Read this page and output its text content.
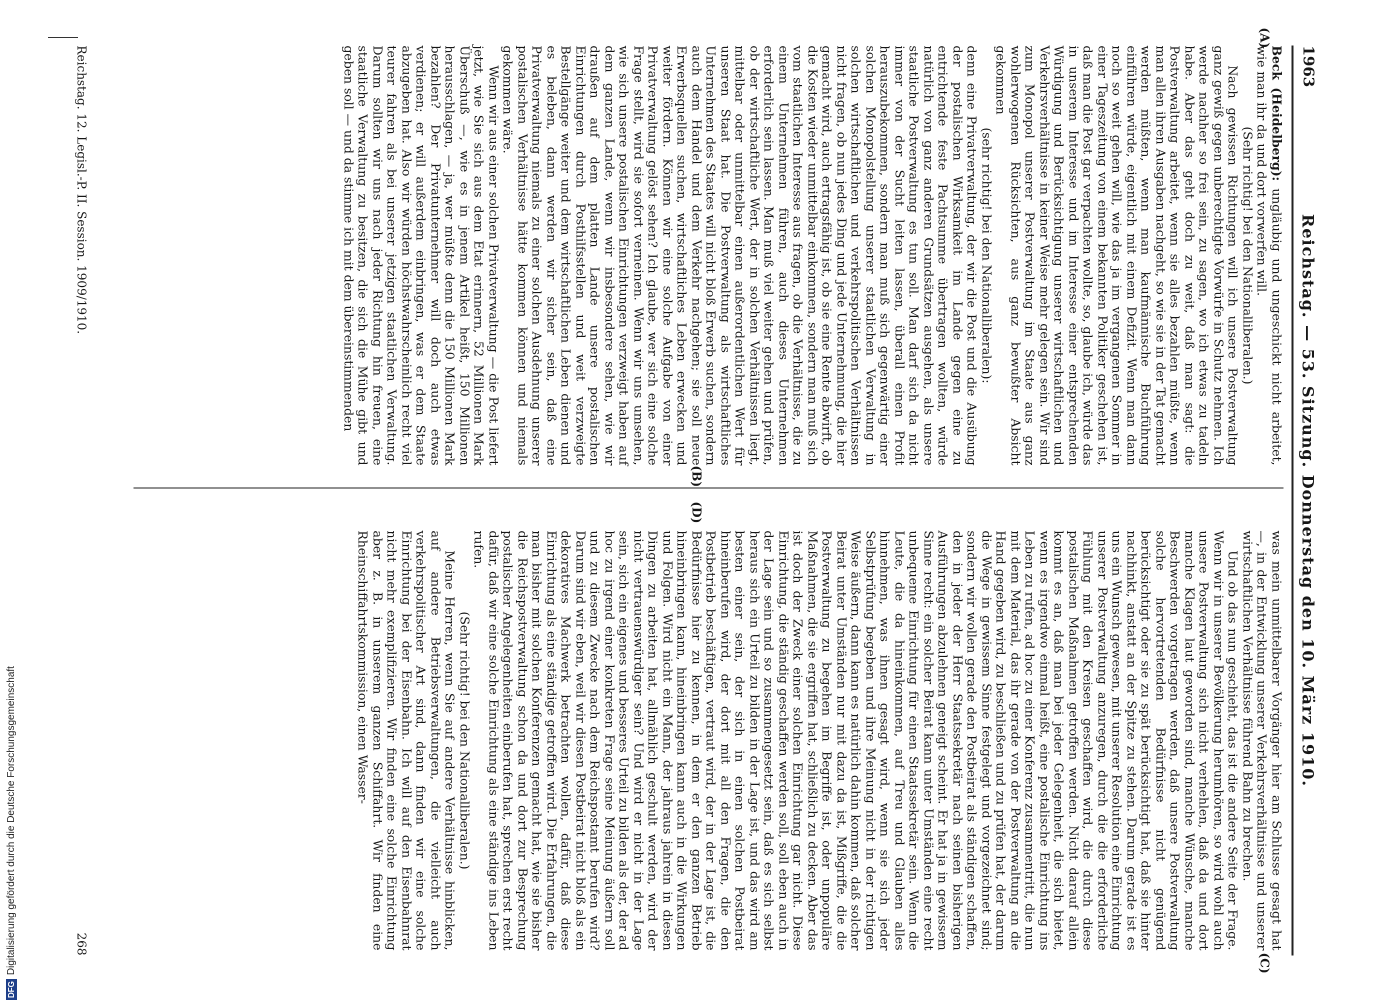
1963
Reichstag. — 53. Sitzung. Donnerstag den 10. März 1910.

Beck (Heidelberg): ungläubig und ungeschickt nicht arbeitet, wie man ihr da und dort vorwerfen will.

(Sehr richtig! bei den Nationalliberalen.)

Nach gewissen Richtungen will ich unsere Postverwaltung ganz gewiß gegen unberechtigte Vorwürfe in Schutz nehmen. Ich werde nachher so frei sein, zu sagen, wo ich etwas zu tadeln habe. Aber das geht doch zu weit, daß man sagt: die Postverwaltung arbeitet, wenn sie alles bezahlen müßte, wenn man allen ihren Ausgaben nachgeht, so wie sie in der Tat gemacht werden müßten, wenn man kaufmännische Buchführung einführen würde, eigentlich mit einem Defizit. Wenn man dann noch so weit gehen will, wie das ja im vergangenen Sommer in einer Tageszeitung von einem bekannten Politiker geschehen ist, daß man die Post gar verpachten wollte, so, glaube ich, würde das in unserem Interesse und im Interesse einer entsprechenden Würdigung und Berücksichtigung unserer wirtschaftlichen und Verkehrsverhältnisse in keiner Weise mehr gelegen sein. Wir sind zum Monopol unserer Postverwaltung im Staate aus ganz wohlerwogenen Rücksichten, aus ganz bewußter Absicht gekommen

(sehr richtig! bei den Nationalliberalen):

denn eine Privatverwaltung, der wir die Post und die Ausübung der postalischen Wirksamkeit im Lande gegen eine zu entrichtende feste Pachtsumme übertragen wollten, würde natürlich von ganz anderen Grundsätzen ausgehen, als unsere staatliche Postverwaltung es tun soll. Man darf sich da nicht immer von der Sucht leiten lassen, überall einen Profit herauszubekommen, sondern man muß sich gegenwärtig einer solchen Monopolstellung unserer staatlichen Verwaltung in solchen wirtschaftlichen und verkehrspolitischen Verhältnissen nicht fragen, ob nun jedes Ding und jede Unternehmung, die hier gemacht wird, auch ertragsfähig ist, ob sie eine Rente abwirft, ob die Kosten wieder unmittelbar einkommen, sondern man muß sich vom staatlichen Interesse aus fragen, ob die Verhältnisse, die zu einem Unternehmen führen, auch dieses Unternehmen erforderlich sein lassen. Man muß viel weiter gehen und prüfen, ob der wirtschaftliche Wert, der in solchen Verhältnissen liegt, mittelbar oder unmittelbar einen außerordentlichen Wert für unseren Staat hat. Die Postverwaltung als wirtschaftliches Unternehmen des Staates will nicht bloß Erwerb suchen, sondern auch dem Handel und dem Verkehr nachgehen; sie soll neue Erwerbsquellen suchen, wirtschaftliches Leben erwecken und weiter fördern. Können wir eine solche Aufgabe von einer Privatverwaltung gelöst sehen? Ich glaube, wer sich eine solche Frage stellt, wird sie sofort verneinen. Wenn wir uns umsehen, wie sich unsere postalischen Einrichtungen verzweigt haben auf dem ganzen Lande, wenn wir insbesondere sehen, wie wir draußen auf dem platten Lande unsere postalischen Einrichtungen durch Posthilfsstellen und weit verzweigte Bestellgänge weiter und dem wirtschaftlichen Leben dienen und es beleben, dann werden wir sicher sein, daß eine Privatverwaltung niemals zu einer solchen Ausdehnung unserer postalischen Verhältnisse hätte kommen können und niemals gekommen wäre.

Wenn wir aus einer solchen Privatverwaltung — die Post liefert jetzt, wie Sie sich aus dem Etat erinnern, 52 Millionen Mark Überschuß —, wie es in jenem Artikel heißt, 150 Millionen herausschlagen, — ja, wer müßte denn die 150 Millionen Mark bezahlen? Der Privatunternehmer will doch auch etwas verdienen; er will außerdem einbringen, was er dem Staate abzugeben hat. Also wir würden höchstwahrscheinlich recht viel teurer fahren als bei unserer jetzigen staatlichen Verwaltung. Darum sollten wir uns nach jeder Richtung hin freuen, eine staatliche Verwaltung zu besitzen, die sich die Mühe gibt und geben soll — und da stimme ich mit dem übereinstimmenden

was mein unmittelbarer Vorgänger hier am Schlusse gesagt hat —, in der Entwicklung unserer Verkehrsverhältnisse und unserer wirtschaftlichen Verhältnisse führend Bahn zu brechen.

Und ob das nun geschieht, das ist die andere Seite der Frage. Wenn wir in unserer Bevölkerung herumhören, so wird wohl auch unsere Postverwaltung sich nicht verhehlen, daß da und dort manche Klagen laut geworden sind, manche Wünsche, manche Beschwerden vorgetragen werden, daß unsere Postverwaltung solche hervortretenden Bedürfnisse nicht genügend berücksichtigt oder sie zu spät berücksichtigt hat, daß sie hinter nachhinkt, anstatt an der Spitze zu stehen. Darum gerade ist es uns ein Wunsch gewesen, mit unserer Resolution eine Einrichtung unserer Postverwaltung anzuregen, durch die die erforderliche Fühlung mit den Kreisen geschaffen wird, die durch diese postalischen Maßnahmen getroffen werden. Nicht darauf allein kommt es an, daß man bei jeder Gelegenheit, die sich bietet, wenn es irgendwo einmal heißt, eine postalische Einrichtung ins Leben zu rufen, ad hoc zu einer Konferenz zusammentritt, die nun mit dem Material, das ihr gerade von der Postverwaltung an die Hand gegeben wird, zu beschließen und zu prüfen hat, der darum die Wege in gewissem Sinne festgelegt und vorgezeichnet sind; sondern wir wollen gerade den Postbeirat als ständigen schaffen, den in jeder der Herr Staatssekretär nach seinen bisherigen Ausführungen abzulehnen geneigt scheint. Er hat ja in gewissem Sinne recht: ein solcher Beirat kann unter Umständen eine recht unbequeme Einrichtung für einen Staatssekretär sein. Wenn die Leute, die da hineinkommen, auf Treu und Glauben alles hinnehmen, was ihnen gesagt wird, wenn sie sich jeder Selbstprüfung begeben und ihre Meinung nicht in der richtigen Weise äußern, dann kann es natürlich dahin kommen, daß solcher Beirat unter Umständen nur mit dazu da ist, Mißgriffe, die die Postverwaltung zu begehen im Begriffe ist, oder unpopuläre Maßnahmen, die sie ergriffen hat, schließlich zu decken. Aber das ist doch der Zweck einer solchen Einrichtung gar nicht. Diese Einrichtung, die ständig geschaffen werden soll, soll eben auch in der Lage sein und so zusammengesetzt sein, daß es sich selbst heraus sich ein Urteil zu bilden in der Lage ist, und das wird am besten einer sein, der sich in einen solchen Postbeirat hineinberufen wird, der dort mit all den Fragen, die den Postbetrieb beschäftigen, vertraut wird, der in der Lage ist, die Bedürfnisse hier zu kennen, in dem er den ganzen Betrieb hineinbringen kann, hineinbringen kann auch in die Wirkungen und Folgen. Wird nicht ein Mann, der jahraus jahrein in diesen Dingen zu arbeiten hat, allmählich geschult werden, wird der nicht vertrauenswürdiger sein? Und wird er nicht in der Lage sein, sich ein eigenes und besseres Urteil zu bilden als der, der ad hoc zu irgend einer konkreten Frage seine Meinung äußern soll und zu diesem Zwecke nach dem Reichspostamt berufen wird? Darum sind wir eben, weil wir diesen Postbeirat nicht bloß als ein dekoratives Machwerk betrachten wollen, dafür, daß diese Einrichtung als eine ständige getroffen wird. Die Erfahrungen, die man bisher mit solchen Konferenzen gemacht hat, wie sie bisher die Reichspostverwaltung schon da und dort zur Besprechung postalischer Angelegenheiten einberufen hat, sprechen erst recht dafür, daß wir eine solche Einrichtung als eine ständige ins Leben rufen.

(Sehr richtig! bei den Nationalliberalen.)

Meine Herren, wenn Sie auf andere Verhältnisse hinblicken, auf andere Betriebsverwaltungen, die vielleicht auch verkehrspolitischer Art sind, dann finden wir eine solche Einrichtung bei der Eisenbahn. Ich will auf den Eisenbahnrat nicht mehr exemplifizieren. Wir finden eine solche Einrichtung aber z. B. in unserem ganzen Schiffahrt. Wir finden eine Rheinschiffahrtskommission, einen Wasser-

(A)
(B)
(C)
(D)
Reichstag. 12. Legisl.-P. II. Session. 1909/1910.
268
DFGDigitalisierung gefördert durch die Deutsche Forschungsgemeinschaft
